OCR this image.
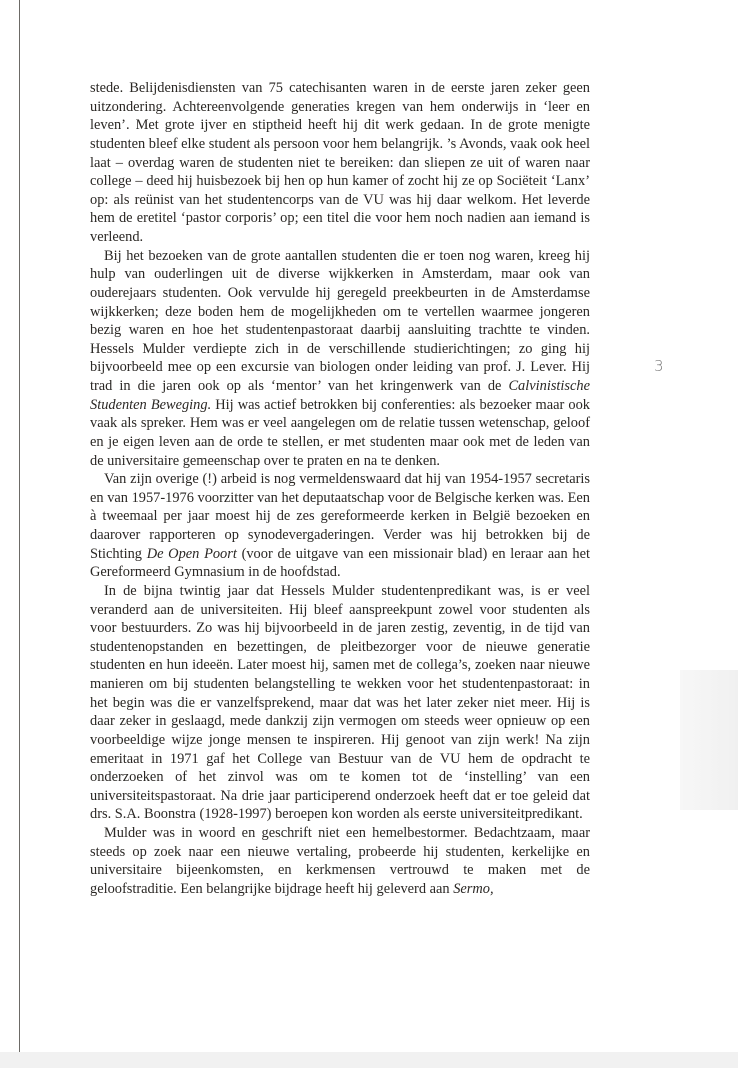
stede. Belijdenisdiensten van 75 catechisanten waren in de eerste jaren zeker geen uitzondering. Achtereenvolgende generaties kregen van hem onderwijs in ‘leer en leven’. Met grote ijver en stiptheid heeft hij dit werk gedaan. In de grote menigte studenten bleef elke student als persoon voor hem belangrijk. ’s Avonds, vaak ook heel laat – overdag waren de studenten niet te bereiken: dan sliepen ze uit of waren naar college – deed hij huisbezoek bij hen op hun kamer of zocht hij ze op Sociëteit ‘Lanx’ op: als reünist van het studentencorps van de VU was hij daar welkom. Het leverde hem de eretitel ‘pastor corporis’ op; een titel die voor hem noch nadien aan iemand is verleend.

Bij het bezoeken van de grote aantallen studenten die er toen nog waren, kreeg hij hulp van ouderlingen uit de diverse wijkkerken in Amsterdam, maar ook van ouderejaars studenten. Ook vervulde hij geregeld preekbeurten in de Amsterdamse wijkkerken; deze boden hem de mogelijkheden om te vertellen waarmee jongeren bezig waren en hoe het studentenpastoraat daarbij aansluiting trachtte te vinden. Hessels Mulder verdiepte zich in de verschillende studierichtingen; zo ging hij bijvoorbeeld mee op een excursie van biologen onder leiding van prof. J. Lever. Hij trad in die jaren ook op als ‘mentor’ van het kringenwerk van de Calvinistische Studenten Beweging. Hij was actief betrokken bij conferenties: als bezoeker maar ook vaak als spreker. Hem was er veel aangelegen om de relatie tussen wetenschap, geloof en je eigen leven aan de orde te stellen, er met studenten maar ook met de leden van de universitaire gemeenschap over te praten en na te denken.

Van zijn overige (!) arbeid is nog vermeldenswaard dat hij van 1954-1957 secretaris en van 1957-1976 voorzitter van het deputaatschap voor de Belgische kerken was. Een à tweemaal per jaar moest hij de zes gereformeerde kerken in België bezoeken en daarover rapporteren op synodevergaderingen. Verder was hij betrokken bij de Stichting De Open Poort (voor de uitgave van een missionair blad) en leraar aan het Gereformeerd Gymnasium in de hoofdstad.

In de bijna twintig jaar dat Hessels Mulder studentenpredikant was, is er veel veranderd aan de universiteiten. Hij bleef aanspreekpunt zowel voor studenten als voor bestuurders. Zo was hij bijvoorbeeld in de jaren zestig, zeventig, in de tijd van studentenopstanden en bezettingen, de pleitbezorger voor de nieuwe generatie studenten en hun ideeën. Later moest hij, samen met de collega’s, zoeken naar nieuwe manieren om bij studenten belangstelling te wekken voor het studentenpastoraat: in het begin was die er vanzelfsprekend, maar dat was het later zeker niet meer. Hij is daar zeker in geslaagd, mede dankzij zijn vermogen om steeds weer opnieuw op een voorbeeldige wijze jonge mensen te inspireren. Hij genoot van zijn werk! Na zijn emeritaat in 1971 gaf het College van Bestuur van de VU hem de opdracht te onderzoeken of het zinvol was om te komen tot de ‘instelling’ van een universiteitspastoraat. Na drie jaar participerend onderzoek heeft dat er toe geleid dat drs. S.A. Boonstra (1928-1997) beroepen kon worden als eerste universiteitpredikant.

Mulder was in woord en geschrift niet een hemelbestormer. Bedachtzaam, maar steeds op zoek naar een nieuwe vertaling, probeerde hij studenten, kerkelijke en universitaire bijeenkomsten, en kerkmensen vertrouwd te maken met de geloofstraditie. Een belangrijke bijdrage heeft hij geleverd aan Sermo,

3
